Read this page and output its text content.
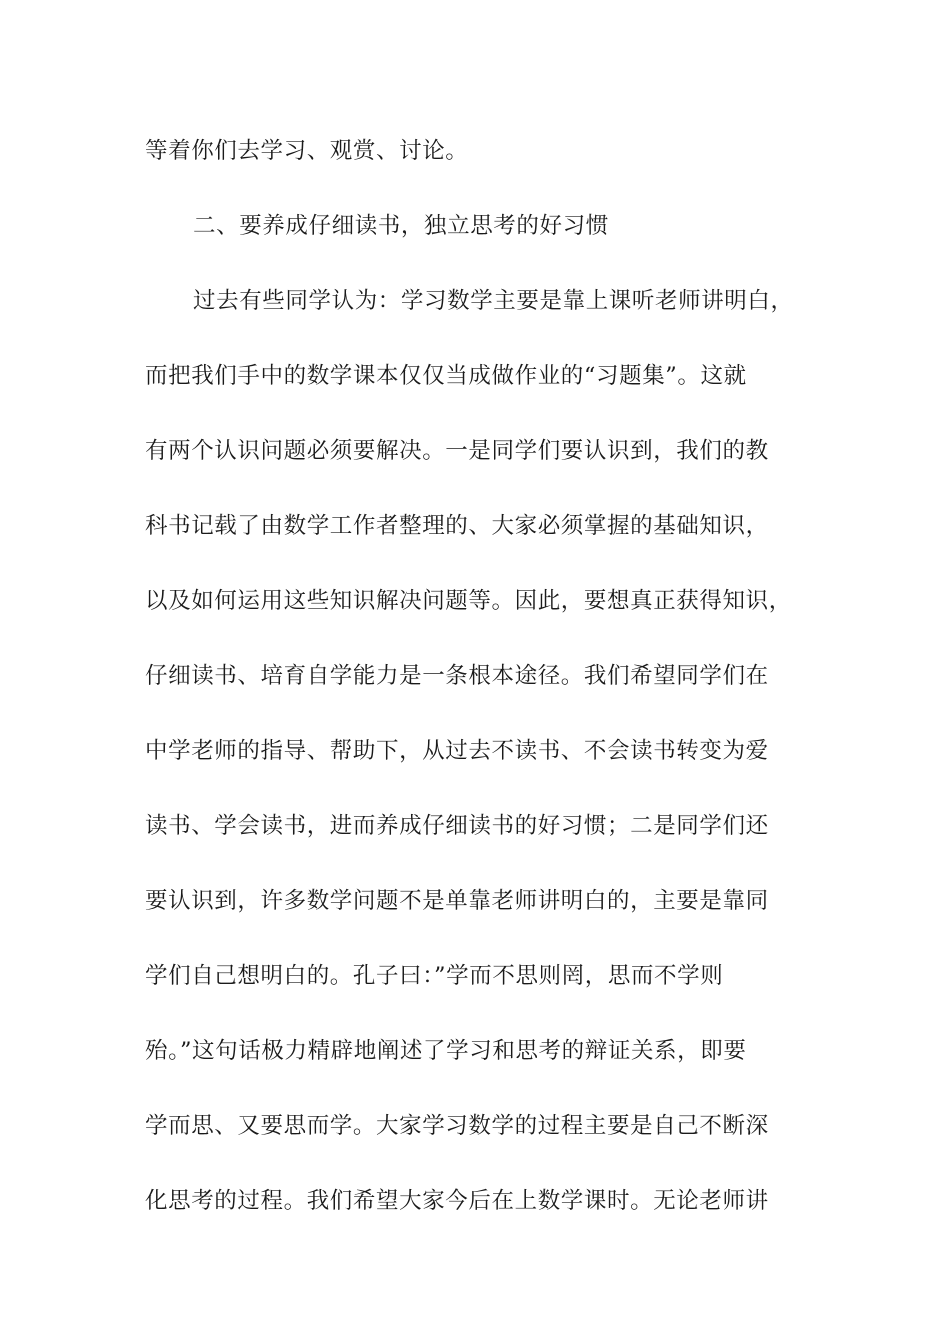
等着你们去学习、观赏、讨论。
二、要养成仔细读书，独立思考的好习惯
过去有些同学认为：学习数学主要是靠上课听老师讲明白，
而把我们手中的数学课本仅仅当成做作业的“习题集”。这就
有两个认识问题必须要解决。一是同学们要认识到，我们的教
科书记载了由数学工作者整理的、大家必须掌握的基础知识，
以及如何运用这些知识解决问题等。因此，要想真正获得知识，
仔细读书、培育自学能力是一条根本途径。我们希望同学们在
中学老师的指导、帮助下，从过去不读书、不会读书转变为爱
读书、学会读书，进而养成仔细读书的好习惯；二是同学们还
要认识到，许多数学问题不是单靠老师讲明白的，主要是靠同
学们自己想明白的。孔子曰：”学而不思则罔，思而不学则
殆。”这句话极力精辟地阐述了学习和思考的辩证关系，即要
学而思、又要思而学。大家学习数学的过程主要是自己不断深
化思考的过程。我们希望大家今后在上数学课时。无论老师讲
